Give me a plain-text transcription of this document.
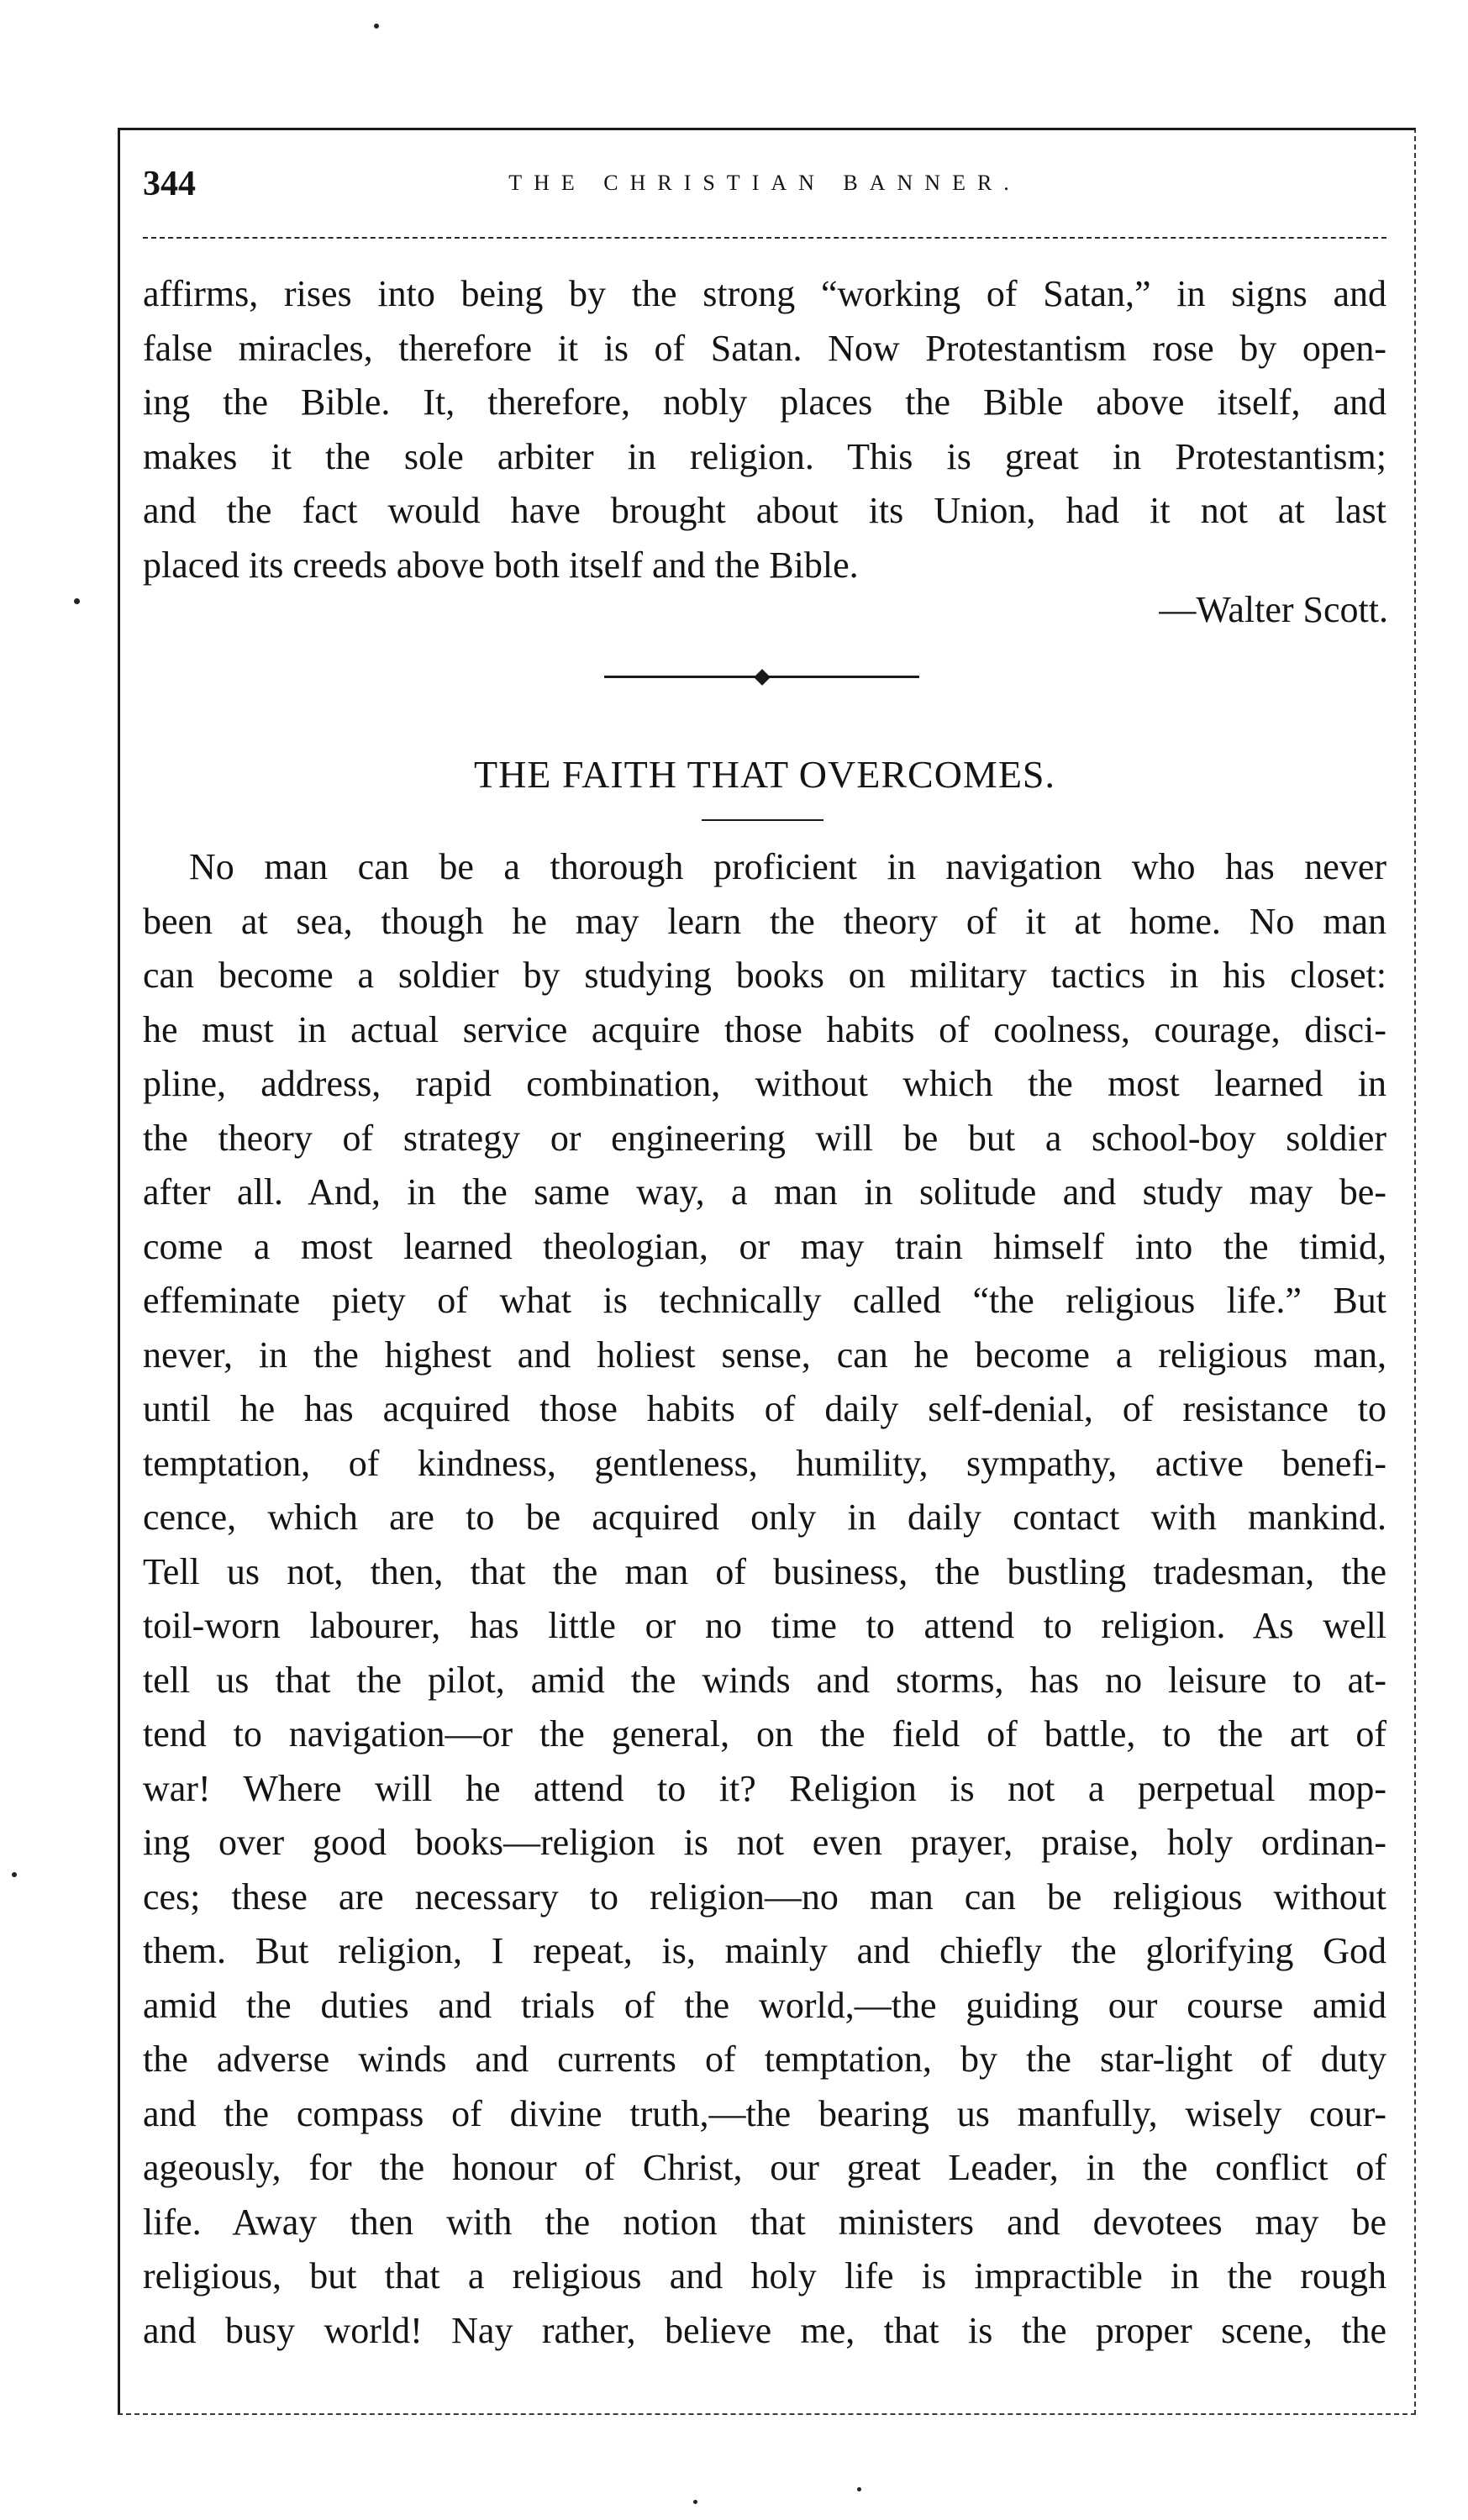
344	THE CHRISTIAN BANNER.
affirms, rises into being by the strong “working of Satan,” in signs and
false miracles, therefore it is of Satan. Now Protestantism rose by open-
ing the Bible. It, therefore, nobly places the Bible above itself, and
makes it the sole arbiter in religion. This is great in Protestantism;
and the fact would have brought about its Union, had it not at last
placed its creeds above both itself and the Bible.
—Walter Scott.
THE FAITH THAT OVERCOMES.
No man can be a thorough proficient in navigation who has never
been at sea, though he may learn the theory of it at home. No man
can become a soldier by studying books on military tactics in his closet:
he must in actual service acquire those habits of coolness, courage, disci-
pline, address, rapid combination, without which the most learned in
the theory of strategy or engineering will be but a school-boy soldier
after all. And, in the same way, a man in solitude and study may be-
come a most learned theologian, or may train himself into the timid,
effeminate piety of what is technically called “the religious life.” But
never, in the highest and holiest sense, can he become a religious man,
until he has acquired those habits of daily self-denial, of resistance to
temptation, of kindness, gentleness, humility, sympathy, active benefi-
cence, which are to be acquired only in daily contact with mankind.
Tell us not, then, that the man of business, the bustling tradesman, the
toil-worn labourer, has little or no time to attend to religion. As well
tell us that the pilot, amid the winds and storms, has no leisure to at-
tend to navigation—or the general, on the field of battle, to the art of
war! Where will he attend to it? Religion is not a perpetual mop-
ing over good books—religion is not even prayer, praise, holy ordinan-
ces; these are necessary to religion—no man can be religious without
them. But religion, I repeat, is, mainly and chiefly the glorifying God
amid the duties and trials of the world,—the guiding our course amid
the adverse winds and currents of temptation, by the star-light of duty
and the compass of divine truth,—the bearing us manfully, wisely cour-
ageously, for the honour of Christ, our great Leader, in the conflict of
life. Away then with the notion that ministers and devotees may be
religious, but that a religious and holy life is impractible in the rough
and busy world! Nay rather, believe me, that is the proper scene, the
